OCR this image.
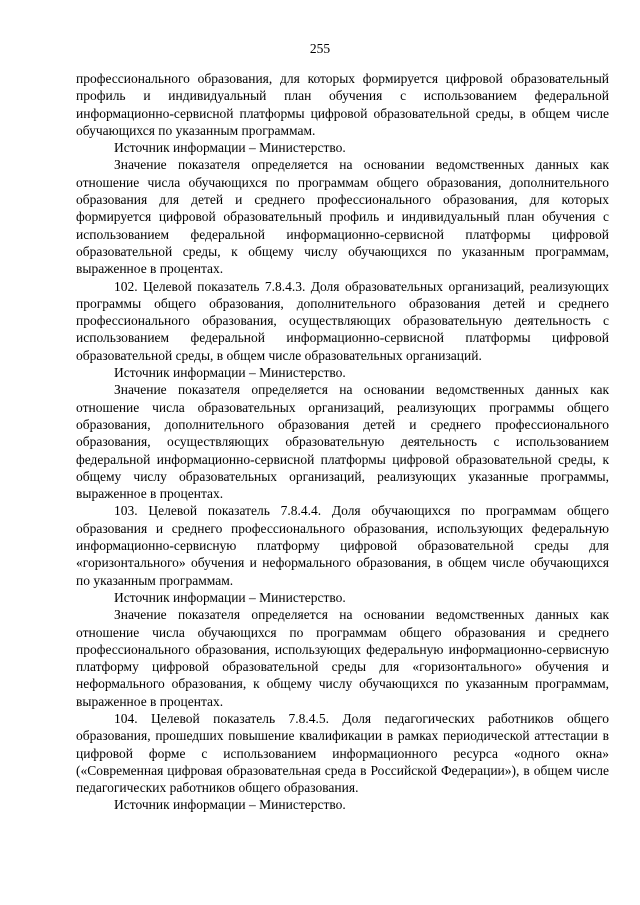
255

профессионального образования, для которых формируется цифровой образовательный профиль и индивидуальный план обучения с использованием федеральной информационно-сервисной платформы цифровой образовательной среды, в общем числе обучающихся по указанным программам.

Источник информации – Министерство.

Значение показателя определяется на основании ведомственных данных как отношение числа обучающихся по программам общего образования, дополнительного образования для детей и среднего профессионального образования, для которых формируется цифровой образовательный профиль и индивидуальный план обучения с использованием федеральной информационно-сервисной платформы цифровой образовательной среды, к общему числу обучающихся по указанным программам, выраженное в процентах.

102. Целевой показатель 7.8.4.3. Доля образовательных организаций, реализующих программы общего образования, дополнительного образования детей и среднего профессионального образования, осуществляющих образовательную деятельность с использованием федеральной информационно-сервисной платформы цифровой образовательной среды, в общем числе образовательных организаций.

Источник информации – Министерство.

Значение показателя определяется на основании ведомственных данных как отношение числа образовательных организаций, реализующих программы общего образования, дополнительного образования детей и среднего профессионального образования, осуществляющих образовательную деятельность с использованием федеральной информационно-сервисной платформы цифровой образовательной среды, к общему числу образовательных организаций, реализующих указанные программы, выраженное в процентах.

103. Целевой показатель 7.8.4.4. Доля обучающихся по программам общего образования и среднего профессионального образования, использующих федеральную информационно-сервисную платформу цифровой образовательной среды для «горизонтального» обучения и неформального образования, в общем числе обучающихся по указанным программам.

Источник информации – Министерство.

Значение показателя определяется на основании ведомственных данных как отношение числа обучающихся по программам общего образования и среднего профессионального образования, использующих федеральную информационно-сервисную платформу цифровой образовательной среды для «горизонтального» обучения и неформального образования, к общему числу обучающихся по указанным программам, выраженное в процентах.

104. Целевой показатель 7.8.4.5. Доля педагогических работников общего образования, прошедших повышение квалификации в рамках периодической аттестации в цифровой форме с использованием информационного ресурса «одного окна» («Современная цифровая образовательная среда в Российской Федерации»), в общем числе педагогических работников общего образования.

Источник информации – Министерство.
